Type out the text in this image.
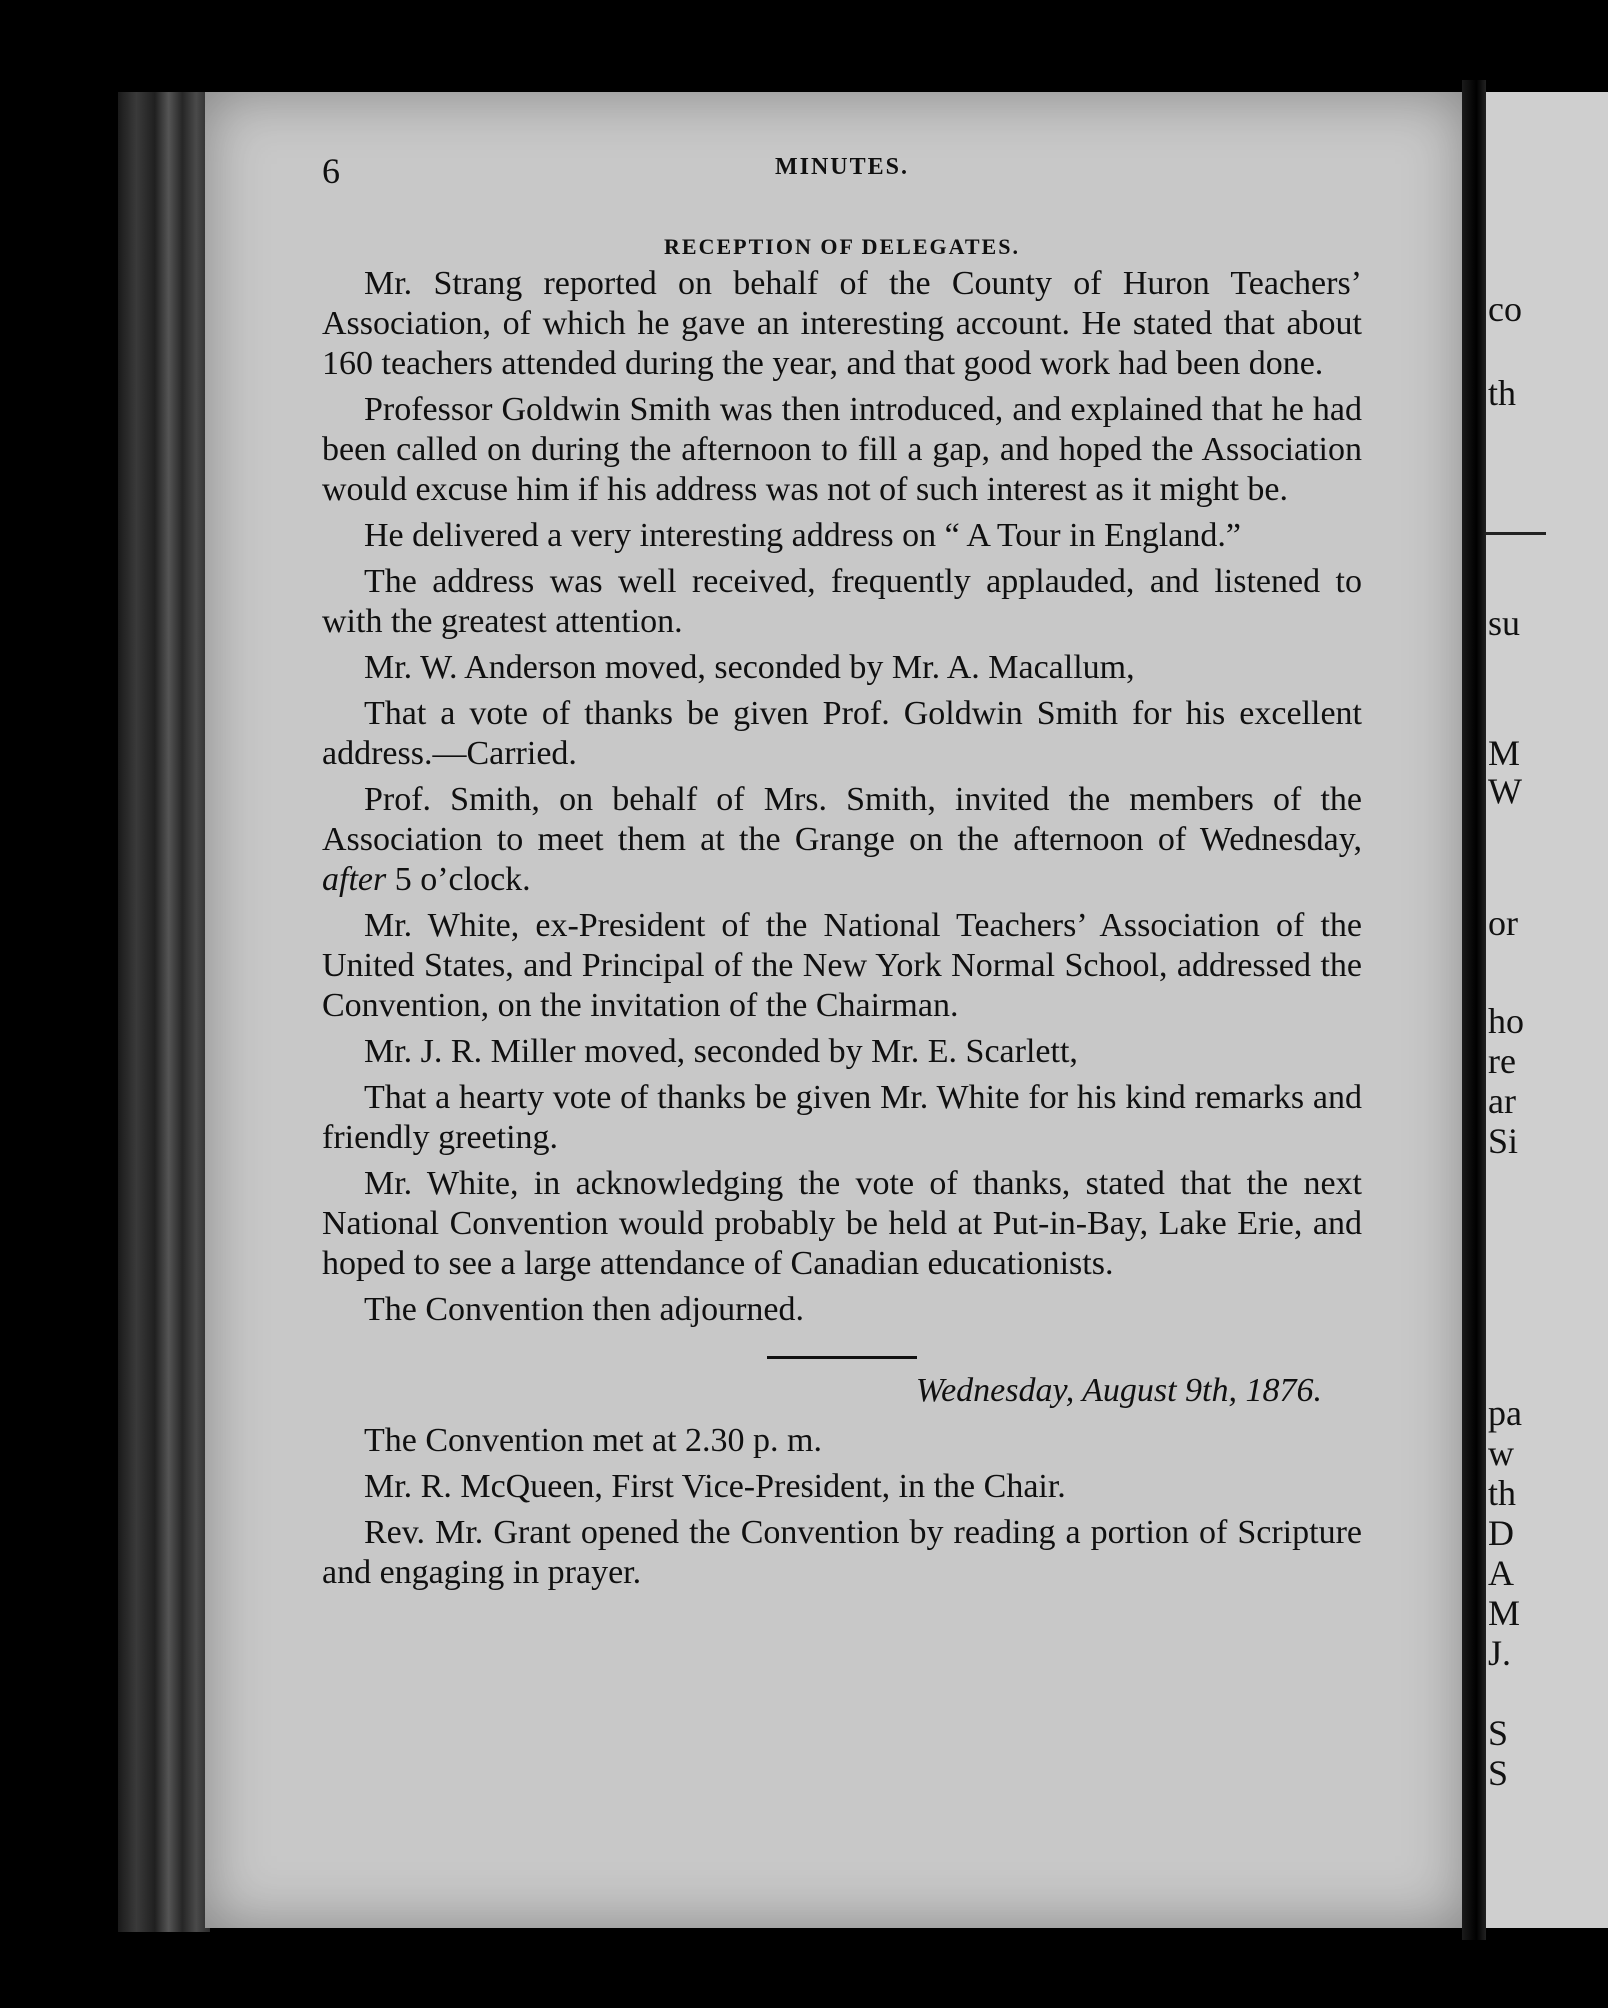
co
th
su
M
W
or
ho
re
ar
Si
pa
w
th
D
A
M
J.
S
S
6	MINUTES.
RECEPTION OF DELEGATES.

Mr. Strang reported on behalf of the County of Huron Teachers’ Association, of which he gave an interesting account. He stated that about 160 teachers attended during the year, and that good work had been done.

Professor Goldwin Smith was then introduced, and explained that he had been called on during the afternoon to fill a gap, and hoped the Association would excuse him if his address was not of such interest as it might be.

He delivered a very interesting address on “ A Tour in England.”

The address was well received, frequently applauded, and listened to with the greatest attention.

Mr. W. Anderson moved, seconded by Mr. A. Macallum,

That a vote of thanks be given Prof. Goldwin Smith for his excellent address.—Carried.

Prof. Smith, on behalf of Mrs. Smith, invited the members of the Association to meet them at the Grange on the afternoon of Wednesday, after 5 o’clock.

Mr. White, ex-President of the National Teachers’ Association of the United States, and Principal of the New York Normal School, addressed the Convention, on the invitation of the Chairman.

Mr. J. R. Miller moved, seconded by Mr. E. Scarlett,

That a hearty vote of thanks be given Mr. White for his kind remarks and friendly greeting.

Mr. White, in acknowledging the vote of thanks, stated that the next National Convention would probably be held at Put-in-Bay, Lake Erie, and hoped to see a large attendance of Canadian educationists.

The Convention then adjourned.

Wednesday, August 9th, 1876.

The Convention met at 2.30 p. m.

Mr. R. McQueen, First Vice-President, in the Chair.

Rev. Mr. Grant opened the Convention by reading a portion of Scripture and engaging in prayer.
